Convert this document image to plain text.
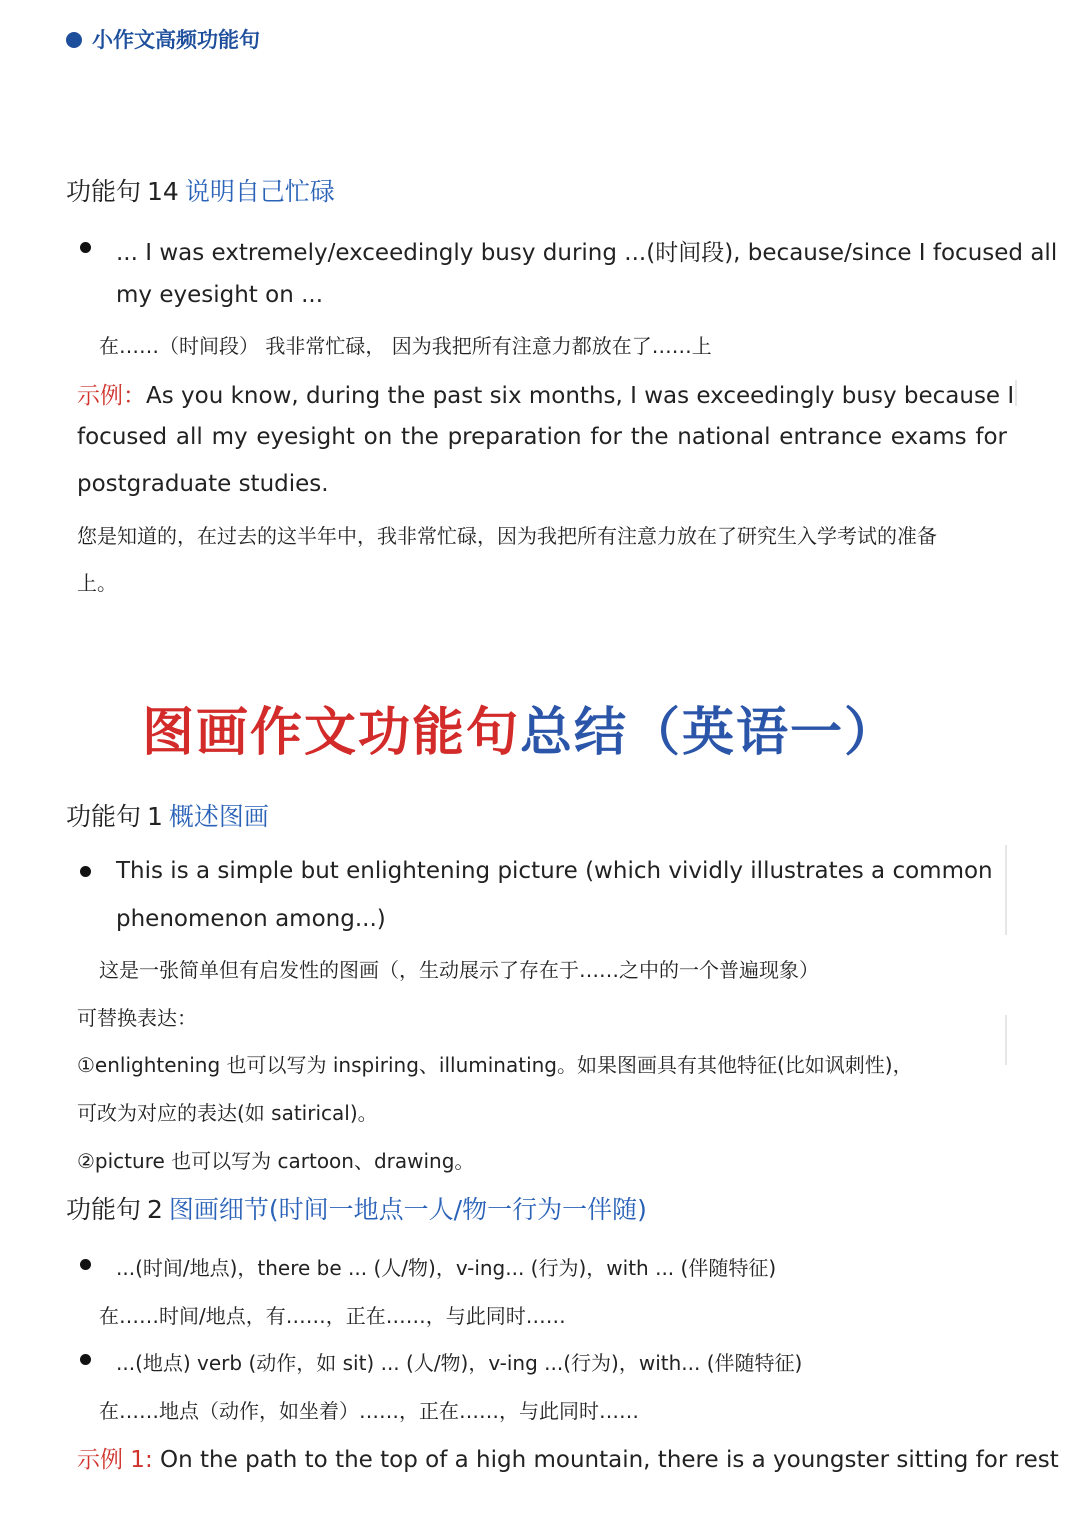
小作文高频功能句
功能句 14 说明自己忙碌
... I was extremely/exceedingly busy during ...(时间段), because/since I focused all
my eyesight on ...
在……（时间段） 我非常忙碌， 因为我把所有注意力都放在了……上
示例：As you know, during the past six months, I was exceedingly busy because I
focused all my eyesight on the preparation for the national entrance exams for
postgraduate studies.
您是知道的，在过去的这半年中，我非常忙碌，因为我把所有注意力放在了研究生入学考试的准备
上。
图画作文功能句总结（英语一）
功能句 1 概述图画
This is a simple but enlightening picture (which vividly illustrates a common
phenomenon among...)
这是一张简单但有启发性的图画（，生动展示了存在于……之中的一个普遍现象）
可替换表达：
①enlightening 也可以写为 inspiring、illuminating。如果图画具有其他特征(比如讽刺性)，
可改为对应的表达(如 satirical)。
②picture 也可以写为 cartoon、drawing。
功能句 2 图画细节(时间一地点一人/物一行为一伴随)
...(时间/地点)，there be ... (人/物)，v-ing... (行为)，with ... (伴随特征)
在……时间/地点，有……，正在……，与此同时……
...(地点) verb (动作，如 sit) ... (人/物)，v-ing ...(行为)，with... (伴随特征)
在……地点（动作，如坐着）……，正在……，与此同时……
示例 1: On the path to the top of a high mountain, there is a youngster sitting for rest
